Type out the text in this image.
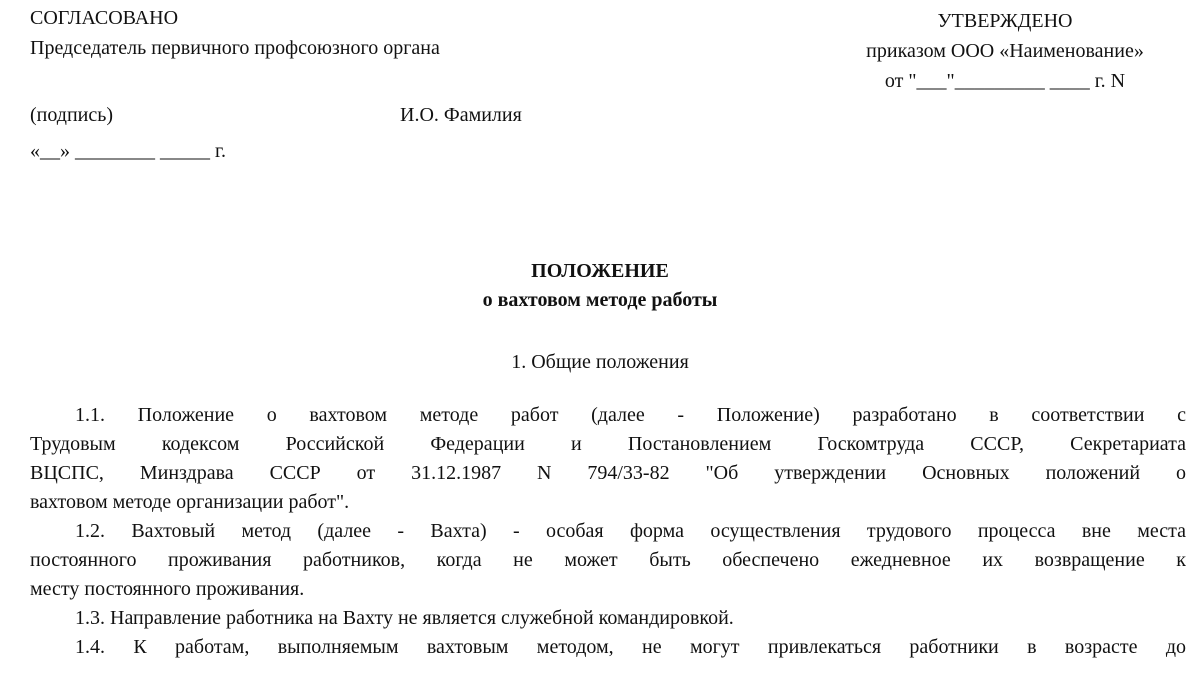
СОГЛАСОВАНО
Председатель первичного профсоюзного органа
(подпись)	И.О. Фамилия
«__» ________ _____ г.
УТВЕРЖДЕНО
приказом ООО «Наименование»
от "___"_________ ____ г. N
ПОЛОЖЕНИЕ
о вахтовом методе работы
1. Общие положения
1.1. Положение о вахтовом методе работ (далее - Положение) разработано в соответствии с
Трудовым кодексом Российской Федерации и Постановлением Госкомтруда СССР, Секретариата
ВЦСПС, Минздрава СССР от 31.12.1987 N 794/33-82 "Об утверждении Основных положений о
вахтовом методе организации работ".
1.2. Вахтовый метод (далее - Вахта) - особая форма осуществления трудового процесса вне места
постоянного проживания работников, когда не может быть обеспечено ежедневное их возвращение к
месту постоянного проживания.
1.3. Направление работника на Вахту не является служебной командировкой.
1.4. К работам, выполняемым вахтовым методом, не могут привлекаться работники в возрасте до
